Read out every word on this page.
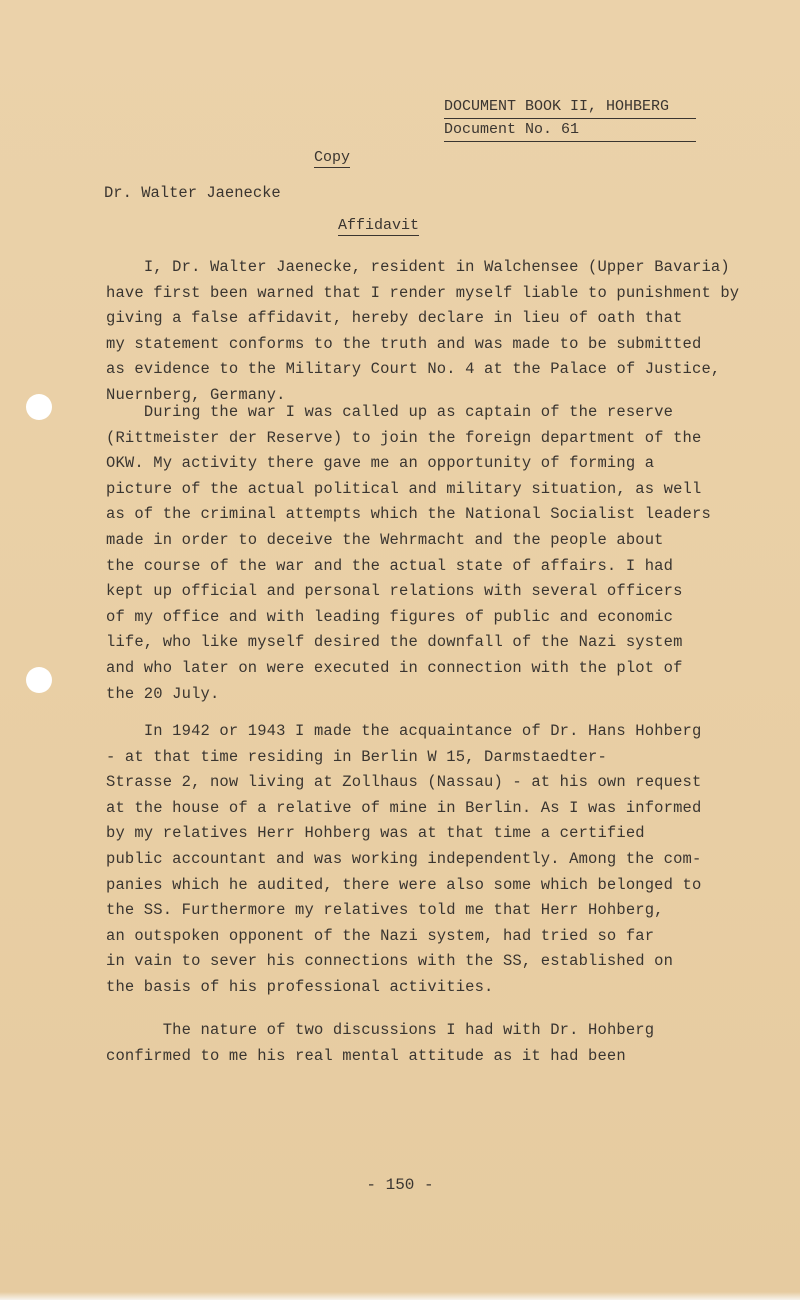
DOCUMENT BOOK II, HOHBERG
Document No. 61
Copy
Dr. Walter Jaenecke
Affidavit
I, Dr. Walter Jaenecke, resident in Walchensee (Upper Bavaria)
have first been warned that I render myself liable to punishment by
giving a false affidavit, hereby declare in lieu of oath that
my statement conforms to the truth and was made to be submitted
as evidence to the Military Court No. 4 at the Palace of Justice,
Nuernberg, Germany.
During the war I was called up as captain of the reserve
(Rittmeister der Reserve) to join the foreign department of the
OKW. My activity there gave me an opportunity of forming a
picture of the actual political and military situation, as well
as of the criminal attempts which the National Socialist leaders
made in order to deceive the Wehrmacht and the people about
the course of the war and the actual state of affairs. I had
kept up official and personal relations with several officers
of my office and with leading figures of public and economic
life, who like myself desired the downfall of the Nazi system
and who later on were executed in connection with the plot of
the 20 July.
In 1942 or 1943 I made the acquaintance of Dr. Hans Hohberg
- at that time residing in Berlin W 15, Darmstaedter-
Strasse 2, now living at Zollhaus (Nassau) - at his own request
at the house of a relative of mine in Berlin. As I was informed
by my relatives Herr Hohberg was at that time a certified
public accountant and was working independently. Among the com-
panies which he audited, there were also some which belonged to
the SS. Furthermore my relatives told me that Herr Hohberg,
an outspoken opponent of the Nazi system, had tried so far
in vain to sever his connections with the SS, established on
the basis of his professional activities.
The nature of two discussions I had with Dr. Hohberg
confirmed to me his real mental attitude as it had been
- 150 -
